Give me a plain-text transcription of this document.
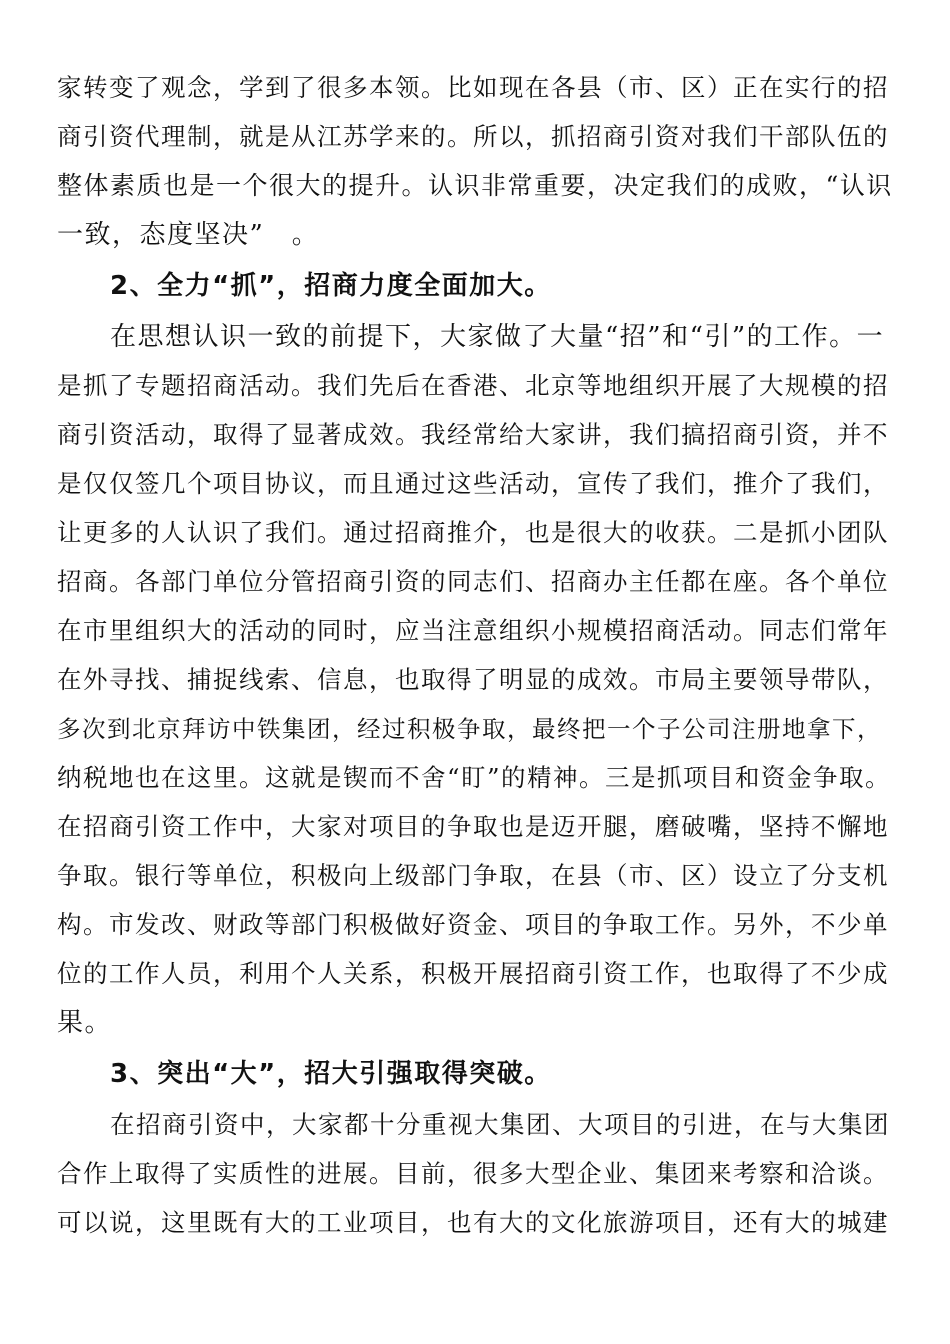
家转变了观念，学到了很多本领。比如现在各县（市、区）正在实行的招
商引资代理制，就是从江苏学来的。所以，抓招商引资对我们干部队伍的
整体素质也是一个很大的提升。认识非常重要，决定我们的成败，“认识
一致，态度坚决”　。
2、全力“抓”，招商力度全面加大。
在思想认识一致的前提下，大家做了大量“招”和“引”的工作。一
是抓了专题招商活动。我们先后在香港、北京等地组织开展了大规模的招
商引资活动，取得了显著成效。我经常给大家讲，我们搞招商引资，并不
是仅仅签几个项目协议，而且通过这些活动，宣传了我们，推介了我们，
让更多的人认识了我们。通过招商推介，也是很大的收获。二是抓小团队
招商。各部门单位分管招商引资的同志们、招商办主任都在座。各个单位
在市里组织大的活动的同时，应当注意组织小规模招商活动。同志们常年
在外寻找、捕捉线索、信息，也取得了明显的成效。市局主要领导带队，
多次到北京拜访中铁集团，经过积极争取，最终把一个子公司注册地拿下，
纳税地也在这里。这就是锲而不舍“盯”的精神。三是抓项目和资金争取。
在招商引资工作中，大家对项目的争取也是迈开腿，磨破嘴，坚持不懈地
争取。银行等单位，积极向上级部门争取，在县（市、区）设立了分支机
构。市发改、财政等部门积极做好资金、项目的争取工作。另外，不少单
位的工作人员，利用个人关系，积极开展招商引资工作，也取得了不少成
果。
3、突出“大”，招大引强取得突破。
在招商引资中，大家都十分重视大集团、大项目的引进，在与大集团
合作上取得了实质性的进展。目前，很多大型企业、集团来考察和洽谈。
可以说，这里既有大的工业项目，也有大的文化旅游项目，还有大的城建
